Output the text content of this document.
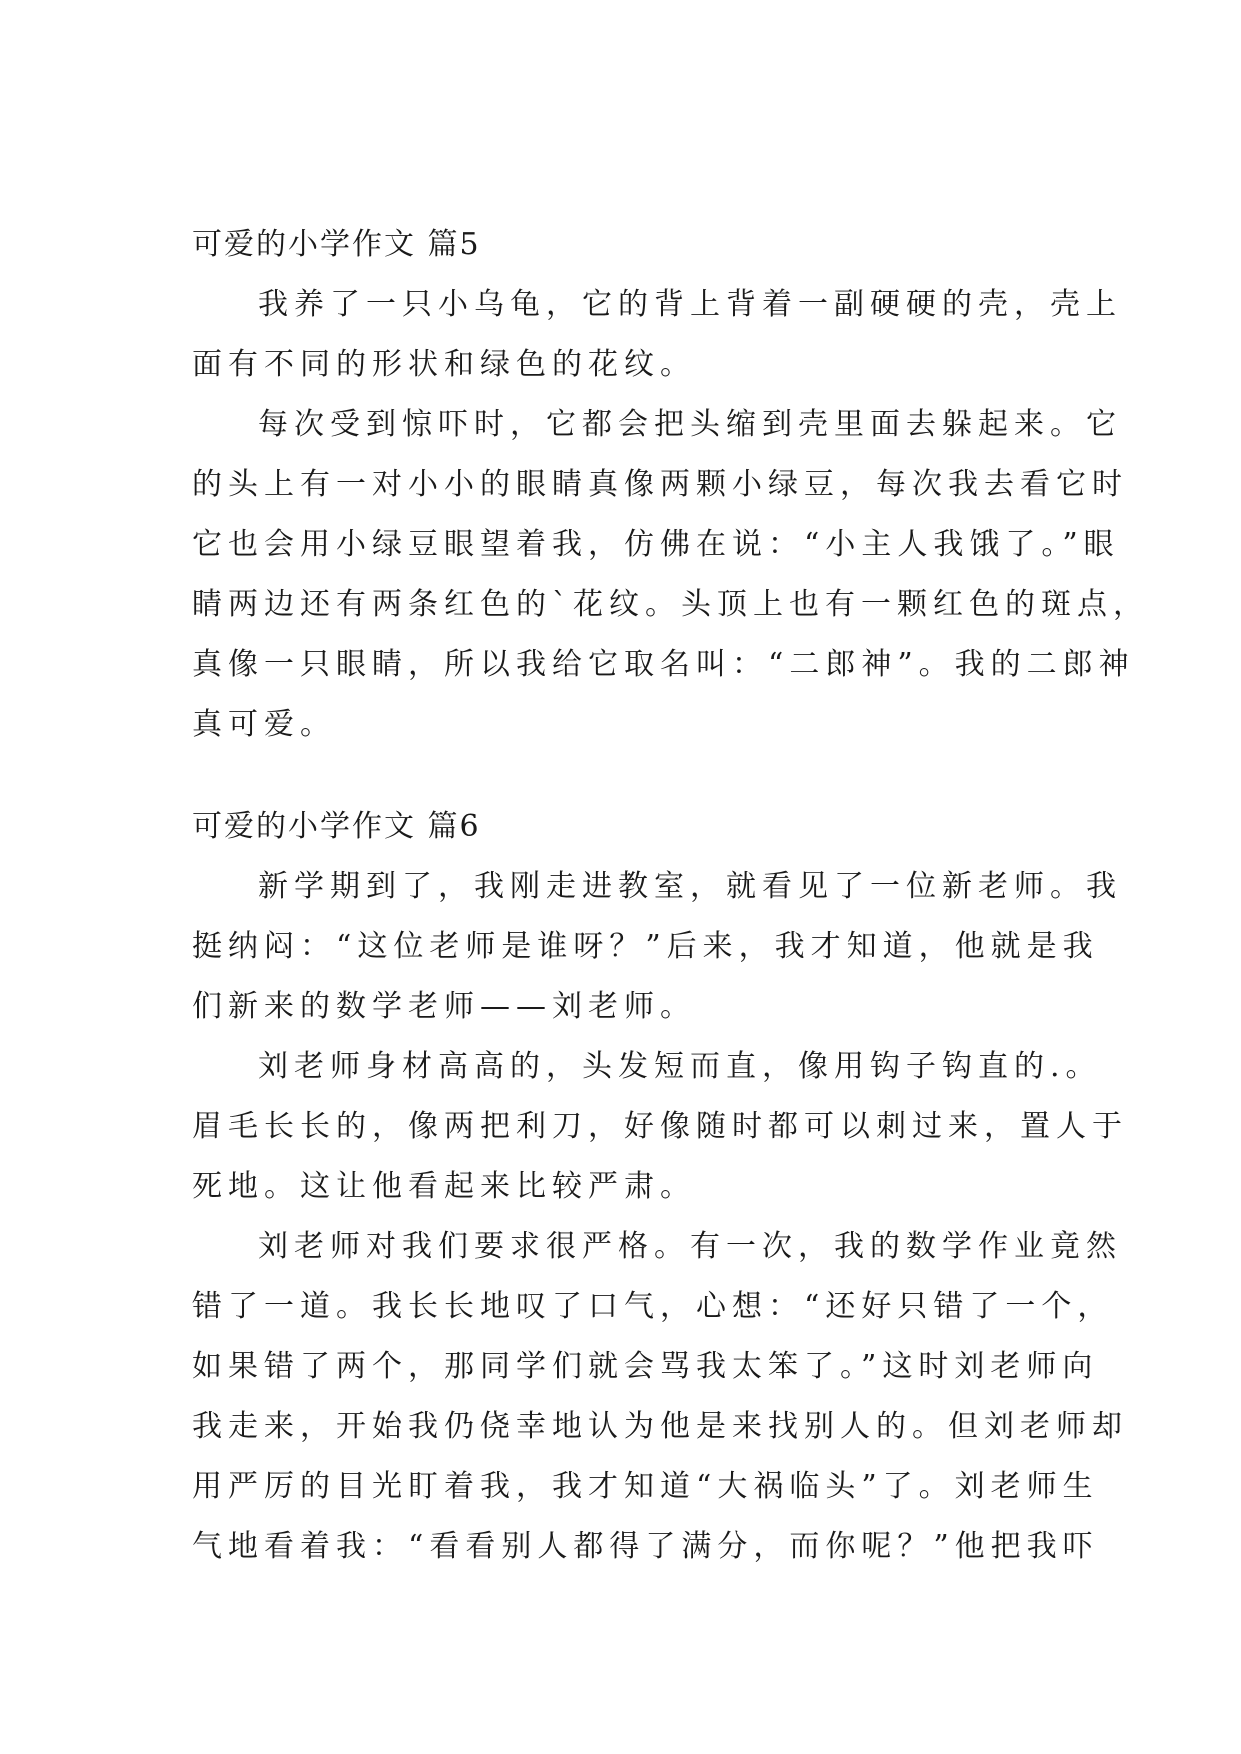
可爱的小学作文 篇5
我养了一只小乌龟，它的背上背着一副硬硬的壳，壳上
面有不同的形状和绿色的花纹。
每次受到惊吓时，它都会把头缩到壳里面去躲起来。它
的头上有一对小小的眼睛真像两颗小绿豆，每次我去看它时
它也会用小绿豆眼望着我，仿佛在说：“小主人我饿了。”眼
睛两边还有两条红色的`花纹。头顶上也有一颗红色的斑点，
真像一只眼睛，所以我给它取名叫：“二郎神”。我的二郎神
真可爱。
可爱的小学作文 篇6
新学期到了，我刚走进教室，就看见了一位新老师。我
挺纳闷：“这位老师是谁呀？”后来，我才知道，他就是我
们新来的数学老师——刘老师。
刘老师身材高高的，头发短而直，像用钩子钩直的.。
眉毛长长的，像两把利刀，好像随时都可以刺过来，置人于
死地。这让他看起来比较严肃。
刘老师对我们要求很严格。有一次，我的数学作业竟然
错了一道。我长长地叹了口气，心想：“还好只错了一个，
如果错了两个，那同学们就会骂我太笨了。”这时刘老师向
我走来，开始我仍侥幸地认为他是来找别人的。但刘老师却
用严厉的目光盯着我，我才知道“大祸临头”了。刘老师生
气地看着我：“看看别人都得了满分，而你呢？”他把我吓
